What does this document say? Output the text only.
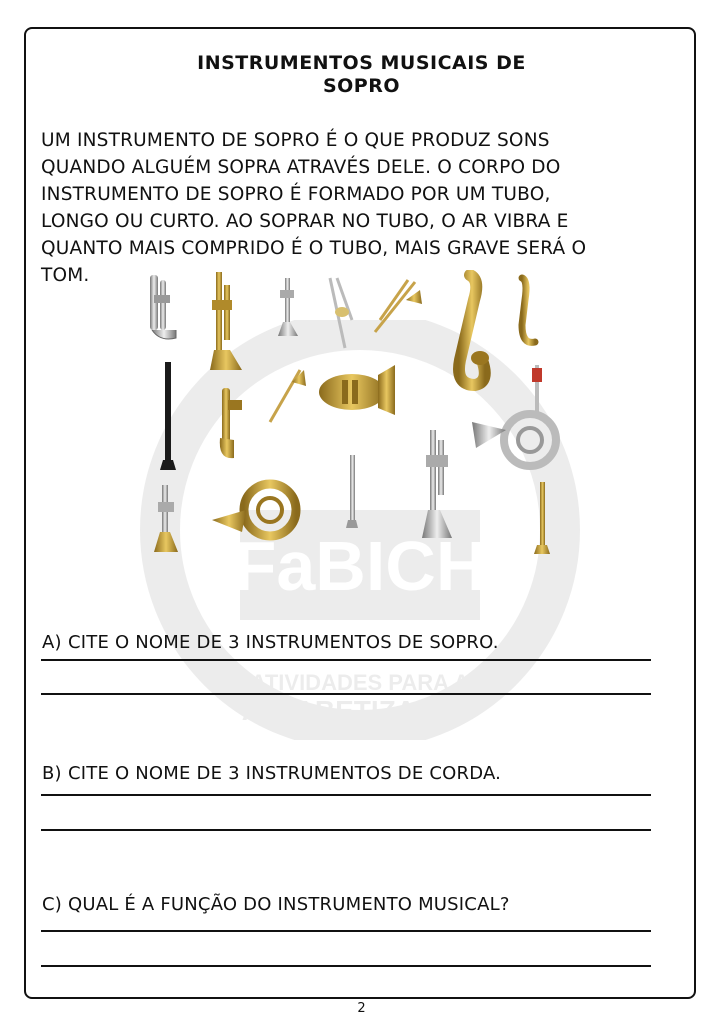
INSTRUMENTOS MUSICAIS DE
SOPRO
UM INSTRUMENTO DE SOPRO É O QUE PRODUZ SONS
QUANDO ALGUÉM SOPRA ATRAVÉS DELE. O CORPO DO
INSTRUMENTO DE SOPRO É FORMADO POR UM TUBO,
LONGO OU CURTO. AO SOPRAR NO TUBO, O AR VIBRA E
QUANTO MAIS COMPRIDO É O TUBO, MAIS GRAVE SERÁ O
TOM.
FaBICH
ATIVIDADES PARA A
ALFABETIZAÇÃO
A) CITE O NOME DE 3 INSTRUMENTOS DE SOPRO.
B) CITE O NOME DE 3 INSTRUMENTOS DE CORDA.
C) QUAL É A FUNÇÃO DO INSTRUMENTO MUSICAL?
2
